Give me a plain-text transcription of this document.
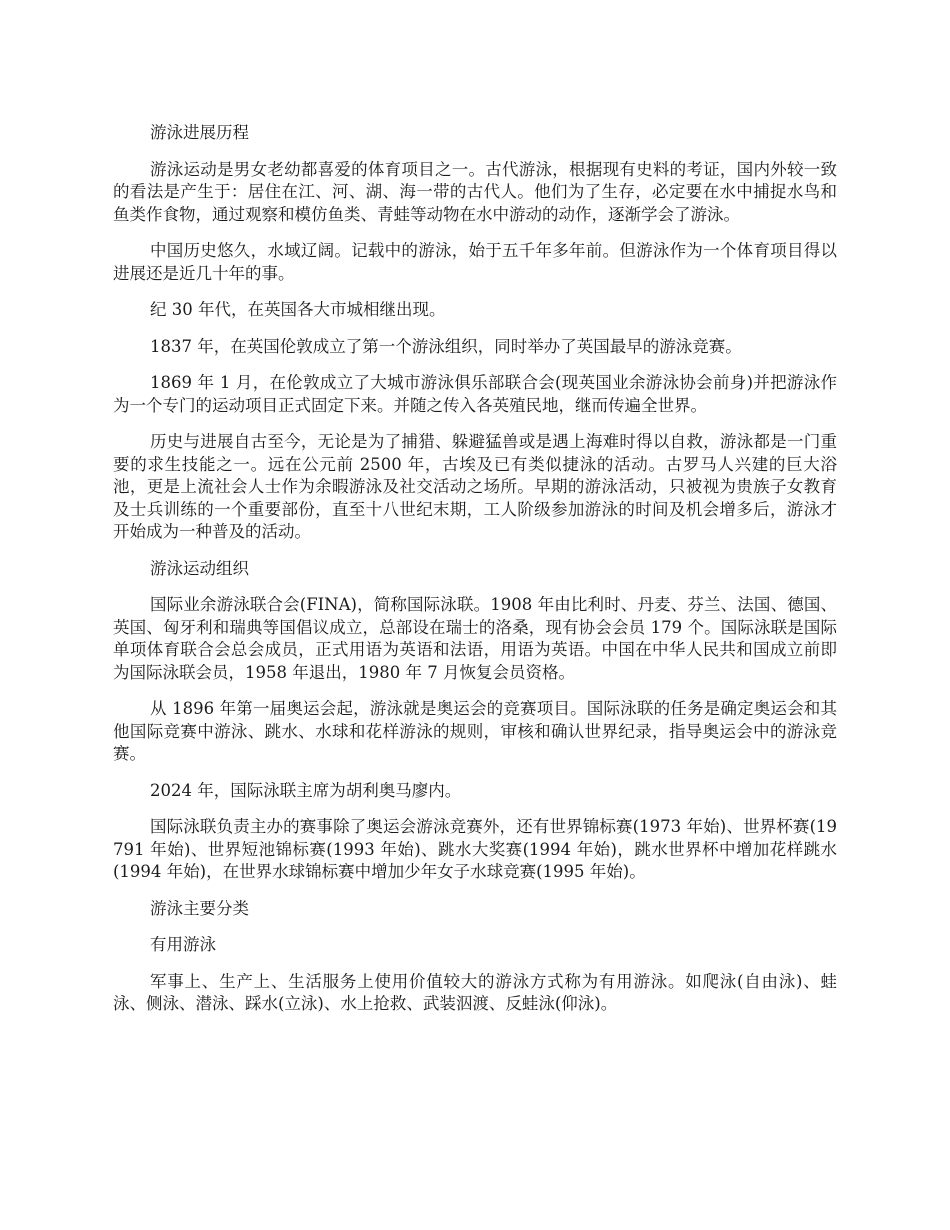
游泳进展历程

游泳运动是男女老幼都喜爱的体育项目之一。古代游泳，根据现有史料的考证，国内外较一致的看法是产生于：居住在江、河、湖、海一带的古代人。他们为了生存，必定要在水中捕捉水鸟和鱼类作食物，通过观察和模仿鱼类、青蛙等动物在水中游动的动作，逐渐学会了游泳。

中国历史悠久，水域辽阔。记载中的游泳，始于五千年多年前。但游泳作为一个体育项目得以进展还是近几十年的事。

纪 30 年代，在英国各大市城相继出现。

1837 年，在英国伦敦成立了第一个游泳组织，同时举办了英国最早的游泳竞赛。

1869 年 1 月，在伦敦成立了大城市游泳俱乐部联合会(现英国业余游泳协会前身)并把游泳作为一个专门的运动项目正式固定下来。并随之传入各英殖民地，继而传遍全世界。

历史与进展自古至今，无论是为了捕猎、躲避猛兽或是遇上海难时得以自救，游泳都是一门重要的求生技能之一。远在公元前 2500 年，古埃及已有类似捷泳的活动。古罗马人兴建的巨大浴池，更是上流社会人士作为余暇游泳及社交活动之场所。早期的游泳活动，只被视为贵族子女教育及士兵训练的一个重要部份，直至十八世纪末期，工人阶级参加游泳的时间及机会增多后，游泳才开始成为一种普及的活动。

游泳运动组织

国际业余游泳联合会(FINA)，简称国际泳联。1908 年由比利时、丹麦、芬兰、法国、德国、英国、匈牙利和瑞典等国倡议成立，总部设在瑞士的洛桑，现有协会会员 179 个。国际泳联是国际单项体育联合会总会成员，正式用语为英语和法语，用语为英语。中国在中华人民共和国成立前即为国际泳联会员，1958 年退出，1980 年 7 月恢复会员资格。

从 1896 年第一届奥运会起，游泳就是奥运会的竞赛项目。国际泳联的任务是确定奥运会和其他国际竞赛中游泳、跳水、水球和花样游泳的规则，审核和确认世界纪录，指导奥运会中的游泳竞赛。

2024 年，国际泳联主席为胡利奥马廖内。

国际泳联负责主办的赛事除了奥运会游泳竞赛外，还有世界锦标赛(1973 年始)、世界杯赛(19791 年始)、世界短池锦标赛(1993 年始)、跳水大奖赛(1994 年始)，跳水世界杯中增加花样跳水(1994 年始)，在世界水球锦标赛中增加少年女子水球竞赛(1995 年始)。

游泳主要分类

有用游泳

军事上、生产上、生活服务上使用价值较大的游泳方式称为有用游泳。如爬泳(自由泳)、蛙泳、侧泳、潜泳、踩水(立泳)、水上抢救、武装泅渡、反蛙泳(仰泳)。
